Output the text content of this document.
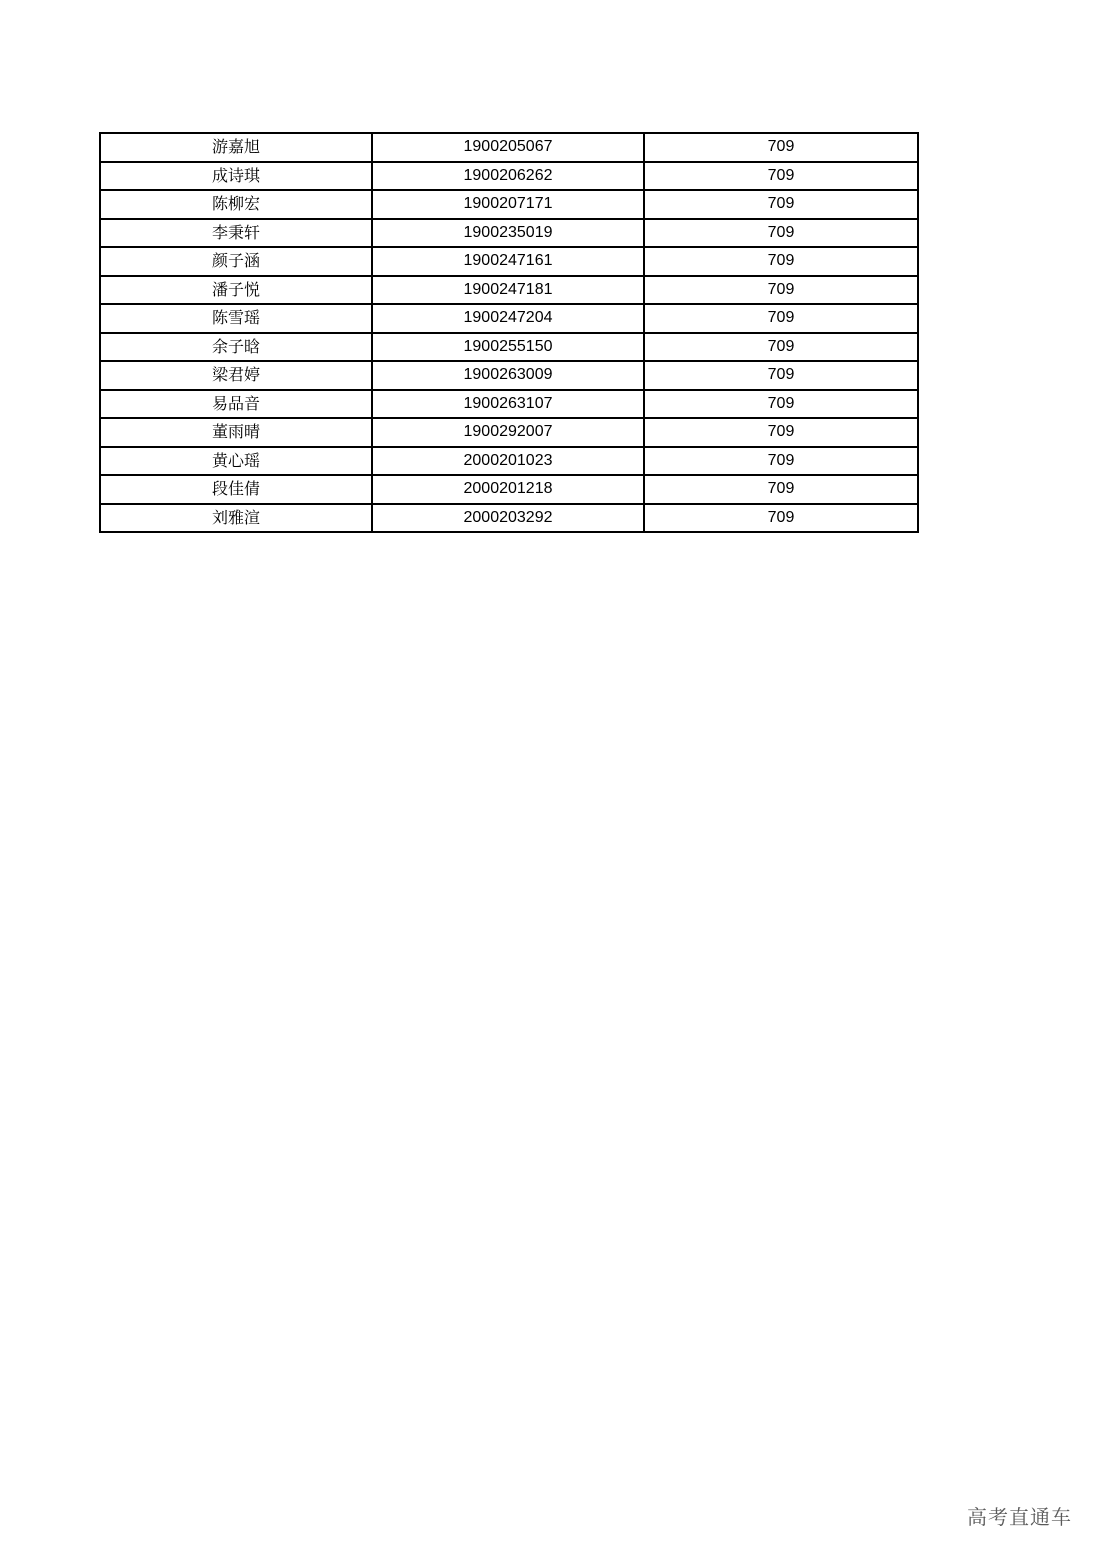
游嘉旭	1900205067	709
成诗琪	1900206262	709
陈柳宏	1900207171	709
李秉轩	1900235019	709
颜子涵	1900247161	709
潘子悦	1900247181	709
陈雪瑶	1900247204	709
余子晗	1900255150	709
梁君婷	1900263009	709
易品音	1900263107	709
董雨晴	1900292007	709
黄心瑶	2000201023	709
段佳倩	2000201218	709
刘雅渲	2000203292	709
高考直通车
